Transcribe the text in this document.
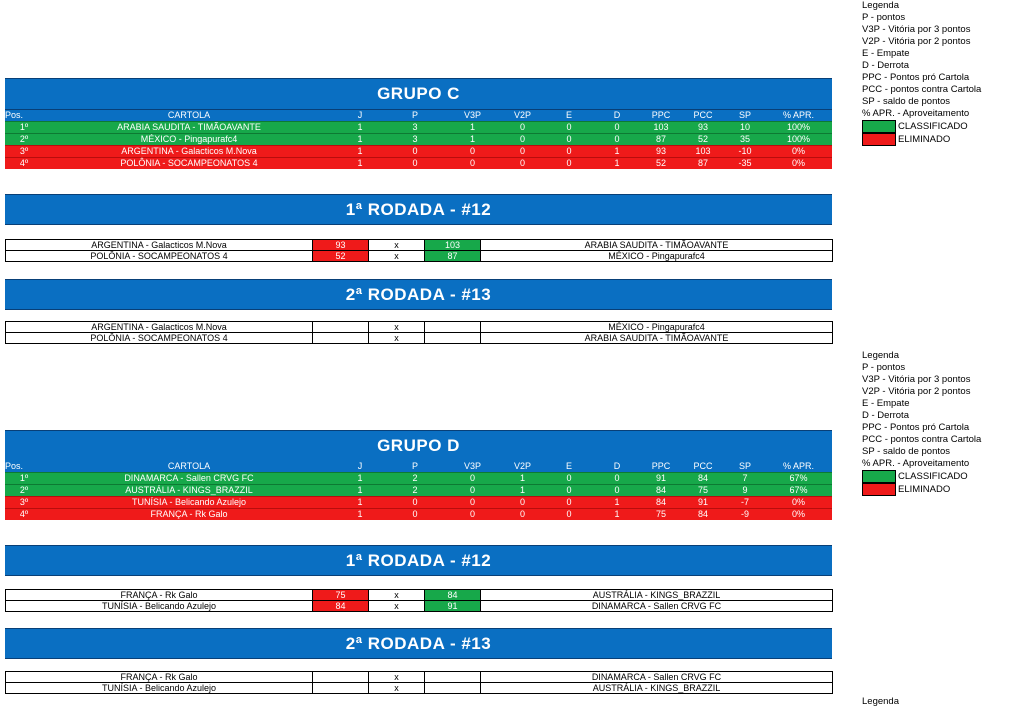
GRUPO C
Pos.	CARTOLA	J	P	V3P	V2P	E	D	PPC	PCC	SP	% APR.
1º	ARABIA SAUDITA - TIMÃOAVANTE	1	3	1	0	0	0	103	93	10	100%
2º	MÉXICO - Pingapurafc4	1	3	1	0	0	0	87	52	35	100%
3º	ARGENTINA - Galacticos M.Nova	1	0	0	0	0	1	93	103	-10	0%
4º	POLÔNIA - SOCAMPEONATOS 4	1	0	0	0	0	1	52	87	-35	0%
1ª RODADA - #12
ARGENTINA - Galacticos M.Nova	93	x	103	ARABIA SAUDITA - TIMÃOAVANTE
POLÔNIA - SOCAMPEONATOS 4	52	x	87	MÉXICO - Pingapurafc4
2ª RODADA - #13
ARGENTINA - Galacticos M.Nova		x		MÉXICO - Pingapurafc4
POLÔNIA - SOCAMPEONATOS 4		x		ARABIA SAUDITA - TIMÃOAVANTE
GRUPO D
Pos.	CARTOLA	J	P	V3P	V2P	E	D	PPC	PCC	SP	% APR.
1º	DINAMARCA - Sallen CRVG FC	1	2	0	1	0	0	91	84	7	67%
2º	AUSTRÁLIA - KINGS_BRAZZIL	1	2	0	1	0	0	84	75	9	67%
3º	TUNÍSIA - Belicando Azulejo	1	0	0	0	0	1	84	91	-7	0%
4º	FRANÇA - Rk Galo	1	0	0	0	0	1	75	84	-9	0%
1ª RODADA - #12
FRANÇA - Rk Galo	75	x	84	AUSTRÁLIA - KINGS_BRAZZIL
TUNÍSIA - Belicando Azulejo	84	x	91	DINAMARCA - Sallen CRVG FC
2ª RODADA - #13
FRANÇA - Rk Galo		x		DINAMARCA - Sallen CRVG FC
TUNÍSIA - Belicando Azulejo		x		AUSTRÁLIA - KINGS_BRAZZIL
Legenda
P - pontos
V3P - Vitória por 3 pontos
V2P - Vitória por 2 pontos
E - Empate
D - Derrota
PPC - Pontos pró Cartola
PCC - pontos contra Cartola
SP - saldo de pontos
% APR. - Aproveitamento
CLASSIFICADO
ELIMINADO
Legenda
P - pontos
V3P - Vitória por 3 pontos
V2P - Vitória por 2 pontos
E - Empate
D - Derrota
PPC - Pontos pró Cartola
PCC - pontos contra Cartola
SP - saldo de pontos
% APR. - Aproveitamento
CLASSIFICADO
ELIMINADO
Legenda
